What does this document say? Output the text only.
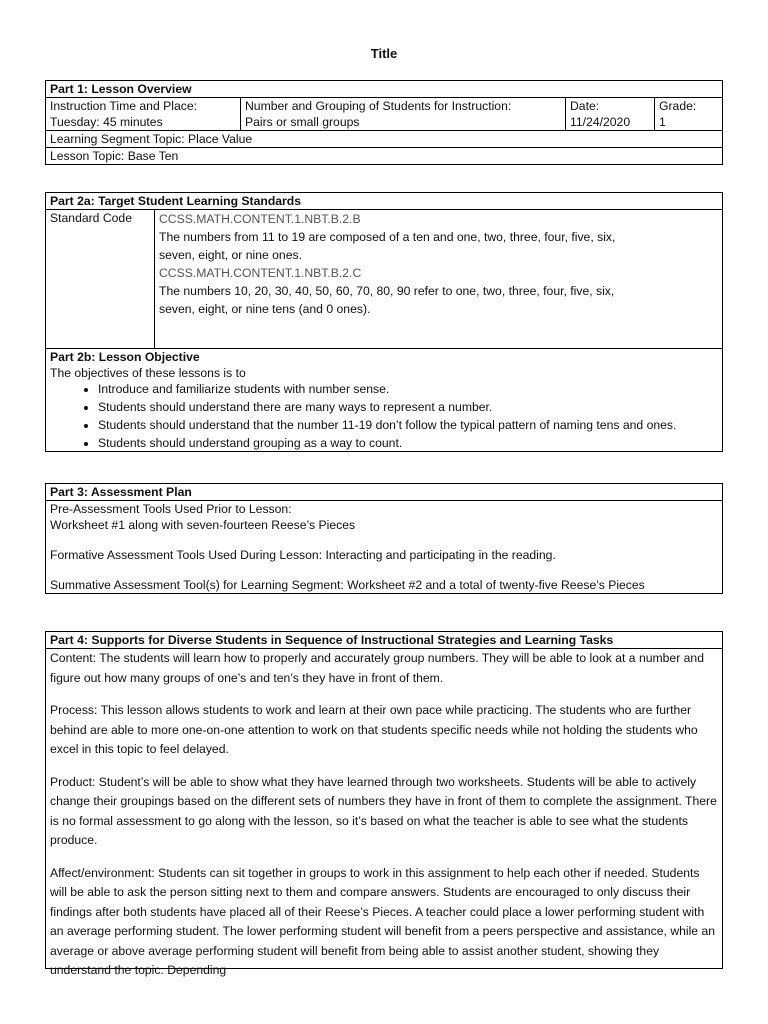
Title
Part 1: Lesson Overview

Instruction Time and Place:

Tuesday: 45 minutes

Number and Grouping of Students for Instruction:

Pairs or small groups

Date:

11/24/2020

Grade:

1

Learning Segment Topic: Place Value
Lesson Topic: Base Ten
Part 2a: Target Student Learning Standards
Standard Code	CCSS.MATH.CONTENT.1.NBT.B.2.B

The numbers from 11 to 19 are composed of a ten and one, two, three, four, five, six,

seven, eight, or nine ones.

CCSS.MATH.CONTENT.1.NBT.B.2.C

The numbers 10, 20, 30, 40, 50, 60, 70, 80, 90 refer to one, two, three, four, five, six,

seven, eight, or nine tens (and 0 ones).

Part 2b: Lesson Objective

The objectives of these lessons is to

• Introduce and familiarize students with number sense.
• Students should understand there are many ways to represent a number.
• Students should understand that the number 11-19 don’t follow the typical pattern of naming tens and ones.
• Students should understand grouping as a way to count.
Part 3: Assessment Plan

Pre-Assessment Tools Used Prior to Lesson:

Worksheet #1 along with seven-fourteen Reese’s Pieces

Formative Assessment Tools Used During Lesson: Interacting and participating in the reading.

Summative Assessment Tool(s) for Learning Segment: Worksheet #2 and a total of twenty-five Reese’s Pieces

Part 4: Supports for Diverse Students in Sequence of Instructional Strategies and Learning Tasks

Content: The students will learn how to properly and accurately group numbers. They will be able to look at a number and figure out how many groups of one’s and ten’s they have in front of them.

Process: This lesson allows students to work and learn at their own pace while practicing. The students who are further behind are able to more one-on-one attention to work on that students specific needs while not holding the students who excel in this topic to feel delayed.

Product: Student’s will be able to show what they have learned through two worksheets. Students will be able to actively change their groupings based on the different sets of numbers they have in front of them to complete the assignment. There is no formal assessment to go along with the lesson, so it’s based on what the teacher is able to see what the students produce.

Affect/environment: Students can sit together in groups to work in this assignment to help each other if needed. Students will be able to ask the person sitting next to them and compare answers. Students are encouraged to only discuss their findings after both students have placed all of their Reese’s Pieces. A teacher could place a lower performing student with an average performing student. The lower performing student will benefit from a peers perspective and assistance, while an average or above average performing student will benefit from being able to assist another student, showing they understand the topic. Depending
